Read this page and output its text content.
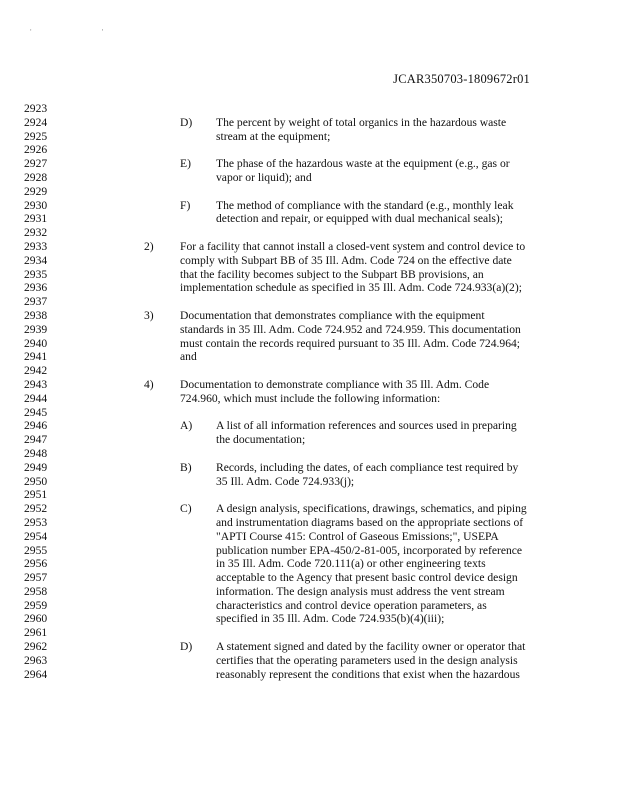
' '
JCAR350703-1809672r01
2923
2924	D) The percent by weight of total organics in the hazardous waste
2925	stream at the equipment;
2926
2927	E) The phase of the hazardous waste at the equipment (e.g., gas or
2928	vapor or liquid); and
2929
2930	F) The method of compliance with the standard (e.g., monthly leak
2931	detection and repair, or equipped with dual mechanical seals);
2932
2933	2) For a facility that cannot install a closed-vent system and control device to
2934	comply with Subpart BB of 35 Ill. Adm. Code 724 on the effective date
2935	that the facility becomes subject to the Subpart BB provisions, an
2936	implementation schedule as specified in 35 Ill. Adm. Code 724.933(a)(2);
2937
2938	3) Documentation that demonstrates compliance with the equipment
2939	standards in 35 Ill. Adm. Code 724.952 and 724.959. This documentation
2940	must contain the records required pursuant to 35 Ill. Adm. Code 724.964;
2941	and
2942
2943	4) Documentation to demonstrate compliance with 35 Ill. Adm. Code
2944	724.960, which must include the following information:
2945
2946	A) A list of all information references and sources used in preparing
2947	the documentation;
2948
2949	B) Records, including the dates, of each compliance test required by
2950	35 Ill. Adm. Code 724.933(j);
2951
2952	C) A design analysis, specifications, drawings, schematics, and piping
2953	and instrumentation diagrams based on the appropriate sections of
2954	"APTI Course 415: Control of Gaseous Emissions;", USEPA
2955	publication number EPA-450/2-81-005, incorporated by reference
2956	in 35 Ill. Adm. Code 720.111(a) or other engineering texts
2957	acceptable to the Agency that present basic control device design
2958	information. The design analysis must address the vent stream
2959	characteristics and control device operation parameters, as
2960	specified in 35 Ill. Adm. Code 724.935(b)(4)(iii);
2961
2962	D) A statement signed and dated by the facility owner or operator that
2963	certifies that the operating parameters used in the design analysis
2964	reasonably represent the conditions that exist when the hazardous
